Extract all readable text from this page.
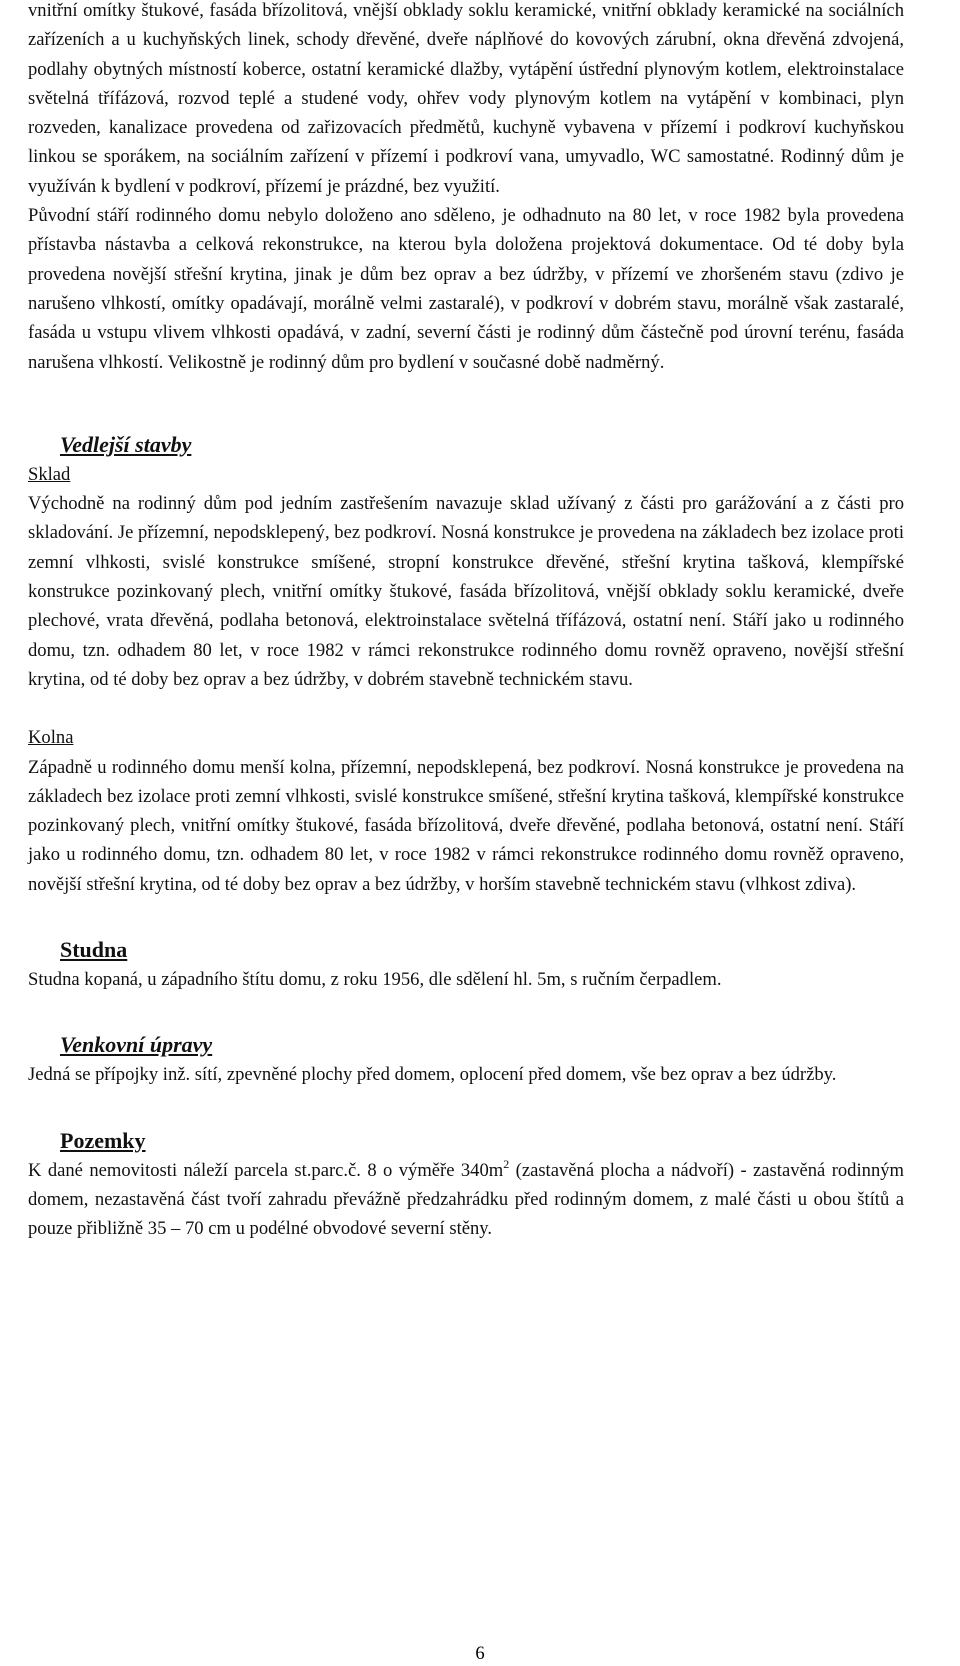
vnitřní omítky štukové, fasáda břízolitová, vnější obklady soklu keramické, vnitřní obklady keramické na sociálních zařízeních a u kuchyňských linek, schody dřevěné, dveře náplňové do kovových zárubní, okna dřevěná zdvojená, podlahy obytných místností koberce, ostatní keramické dlažby, vytápění ústřední plynovým kotlem, elektroinstalace světelná třífázová, rozvod teplé a studené vody, ohřev vody plynovým kotlem na vytápění v kombinaci, plyn rozveden, kanalizace provedena od zařizovacích předmětů, kuchyně vybavena v přízemí i podkroví kuchyňskou linkou se sporákem, na sociálním zařízení v přízemí i podkroví vana, umyvadlo, WC samostatné. Rodinný dům je využíván k bydlení v podkroví, přízemí je prázdné, bez využití.

Původní stáří rodinného domu nebylo doloženo ano sděleno, je odhadnuto na 80 let, v roce 1982 byla provedena přístavba nástavba a celková rekonstrukce, na kterou byla doložena projektová dokumentace. Od té doby byla provedena novější střešní krytina, jinak je dům bez oprav a bez údržby, v přízemí ve zhoršeném stavu (zdivo je narušeno vlhkostí, omítky opadávají, morálně velmi zastaralé), v podkroví v dobrém stavu, morálně však zastaralé, fasáda u vstupu vlivem vlhkosti opadává, v zadní, severní části je rodinný dům částečně pod úrovní terénu, fasáda narušena vlhkostí. Velikostně je rodinný dům pro bydlení v současné době nadměrný.

Vedlejší stavby
Sklad

Východně na rodinný dům pod jedním zastřešením navazuje sklad užívaný z části pro garážování a z části pro skladování. Je přízemní, nepodsklepený, bez podkroví. Nosná konstrukce je provedena na základech bez izolace proti zemní vlhkosti, svislé konstrukce smíšené, stropní konstrukce dřevěné, střešní krytina tašková, klempířské konstrukce pozinkovaný plech, vnitřní omítky štukové, fasáda břízolitová, vnější obklady soklu keramické, dveře plechové, vrata dřevěná, podlaha betonová, elektroinstalace světelná třífázová, ostatní není. Stáří jako u rodinného domu, tzn. odhadem 80 let, v roce 1982 v rámci rekonstrukce rodinného domu rovněž opraveno, novější střešní krytina, od té doby bez oprav a bez údržby, v dobrém stavebně technickém stavu.

Kolna

Západně u rodinného domu menší kolna, přízemní, nepodsklepená, bez podkroví. Nosná konstrukce je provedena na základech bez izolace proti zemní vlhkosti, svislé konstrukce smíšené, střešní krytina tašková, klempířské konstrukce pozinkovaný plech, vnitřní omítky štukové, fasáda břízolitová, dveře dřevěné, podlaha betonová, ostatní není. Stáří jako u rodinného domu, tzn. odhadem 80 let, v roce 1982 v rámci rekonstrukce rodinného domu rovněž opraveno, novější střešní krytina, od té doby bez oprav a bez údržby, v horším stavebně technickém stavu (vlhkost zdiva).

Studna

Studna kopaná, u západního štítu domu, z roku 1956, dle sdělení hl. 5m, s ručním čerpadlem.

Venkovní úpravy

Jedná se přípojky inž. sítí, zpevněné plochy před domem, oplocení před domem, vše bez oprav a bez údržby.

Pozemky

K dané nemovitosti náleží parcela st.parc.č. 8 o výměře $340m^2$ (zastavěná plocha a nádvoří) - zastavěná rodinným domem, nezastavěná část tvoří zahradu převážně předzahrádku před rodinným domem, z malé části u obou štítů a pouze přibližně 35 – 70 cm u podélné obvodové severní stěny.

6
